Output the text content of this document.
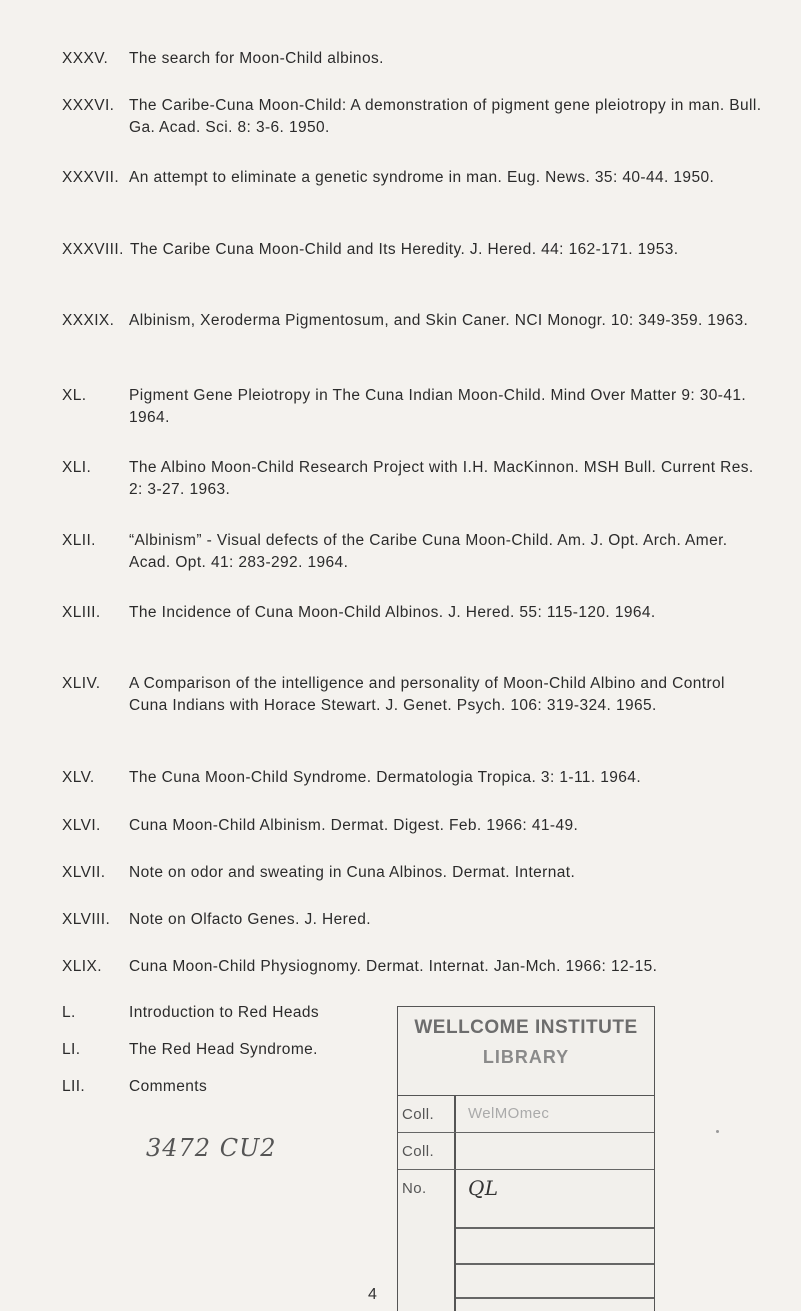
XXXV. The search for Moon-Child albinos.
XXXVI. The Caribe-Cuna Moon-Child: A demonstration of pigment gene pleiotropy in man. Bull. Ga. Acad. Sci. 8: 3-6. 1950.
XXXVII. An attempt to eliminate a genetic syndrome in man. Eug. News. 35: 40-44. 1950.
XXXVIII. The Caribe Cuna Moon-Child and Its Heredity. J. Hered. 44: 162-171. 1953.
XXXIX. Albinism, Xeroderma Pigmentosum, and Skin Caner. NCI Monogr. 10: 349-359. 1963.
XL.	Pigment Gene Pleiotropy in The Cuna Indian Moon-Child. Mind Over Matter 9: 30-41. 1964.
XLI. The Albino Moon-Child Research Project with I.H. MacKinnon. MSH Bull. Current Res. 2: 3-27. 1963.
XLII. “Albinism” - Visual defects of the Caribe Cuna Moon-Child. Am. J. Opt. Arch. Amer. Acad. Opt. 41: 283-292. 1964.
XLIII. The Incidence of Cuna Moon-Child Albinos. J. Hered. 55: 115-120. 1964.
XLIV. A Comparison of the intelligence and personality of Moon-Child Albino and Control Cuna Indians with Horace Stewart. J. Genet. Psych. 106: 319-324. 1965.
XLV. The Cuna Moon-Child Syndrome. Dermatologia Tropica. 3: 1-11. 1964.
XLVI. Cuna Moon-Child Albinism. Dermat. Digest. Feb. 1966: 41-49.
XLVII. Note on odor and sweating in Cuna Albinos. Dermat. Internat.
XLVIII. Note on Olfacto Genes. J. Hered.
XLIX. Cuna Moon-Child Physiognomy. Dermat. Internat. Jan-Mch. 1966: 12-15.
L.	Introduction to Red Heads
LI.	The Red Head Syndrome.
LII.	Comments
3472 CU2
WELLCOME INSTITUTE
LIBRARY
Coll. WelMOmec
Coll.
No. QL
4
